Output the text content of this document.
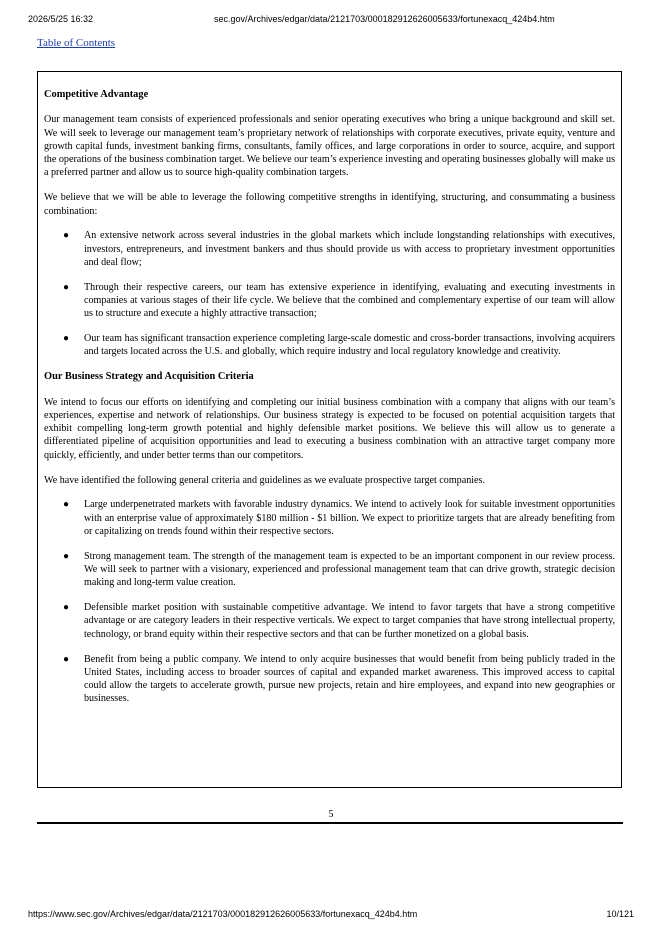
2026/5/25 16:32	sec.gov/Archives/edgar/data/2121703/000182912626005633/fortunexacq_424b4.htm
Table of Contents

Competitive Advantage

Our management team consists of experienced professionals and senior operating executives who bring a unique background and skill set. We will seek to leverage our management team’s proprietary network of relationships with corporate executives, private equity, venture and growth capital funds, investment banking firms, consultants, family offices, and large corporations in order to source, acquire, and support the operations of the business combination target. We believe our team’s experience investing and operating businesses globally will make us a preferred partner and allow us to source high-quality combination targets.

We believe that we will be able to leverage the following competitive strengths in identifying, structuring, and consummating a business combination:

● An extensive network across several industries in the global markets which include longstanding relationships with executives, investors, entrepreneurs, and investment bankers and thus should provide us with access to proprietary investment opportunities and deal flow;
● Through their respective careers, our team has extensive experience in identifying, evaluating and executing investments in companies at various stages of their life cycle. We believe that the combined and complementary expertise of our team will allow us to structure and execute a highly attractive transaction;
● Our team has significant transaction experience completing large-scale domestic and cross-border transactions, involving acquirers and targets located across the U.S. and globally, which require industry and local regulatory knowledge and creativity.

Our Business Strategy and Acquisition Criteria

We intend to focus our efforts on identifying and completing our initial business combination with a company that aligns with our team’s experiences, expertise and network of relationships. Our business strategy is expected to be focused on potential acquisition targets that exhibit compelling long-term growth potential and highly defensible market positions. We believe this will allow us to generate a differentiated pipeline of acquisition opportunities and lead to executing a business combination with an attractive target company more quickly, efficiently, and under better terms than our competitors.

We have identified the following general criteria and guidelines as we evaluate prospective target companies.

● Large underpenetrated markets with favorable industry dynamics. We intend to actively look for suitable investment opportunities with an enterprise value of approximately $180 million - $1 billion. We expect to prioritize targets that are already benefiting from or capitalizing on trends found within their respective sectors.
● Strong management team. The strength of the management team is expected to be an important component in our review process. We will seek to partner with a visionary, experienced and professional management team that can drive growth, strategic decision making and long-term value creation.
● Defensible market position with sustainable competitive advantage. We intend to favor targets that have a strong competitive advantage or are category leaders in their respective verticals. We expect to target companies that have strong intellectual property, technology, or brand equity within their respective sectors and that can be further monetized on a global basis.
● Benefit from being a public company. We intend to only acquire businesses that would benefit from being publicly traded in the United States, including access to broader sources of capital and expanded market awareness. This improved access to capital could allow the targets to accelerate growth, pursue new projects, retain and hire employees, and expand into new geographies or businesses.
5
https://www.sec.gov/Archives/edgar/data/2121703/000182912626005633/fortunexacq_424b4.htm	10/121
